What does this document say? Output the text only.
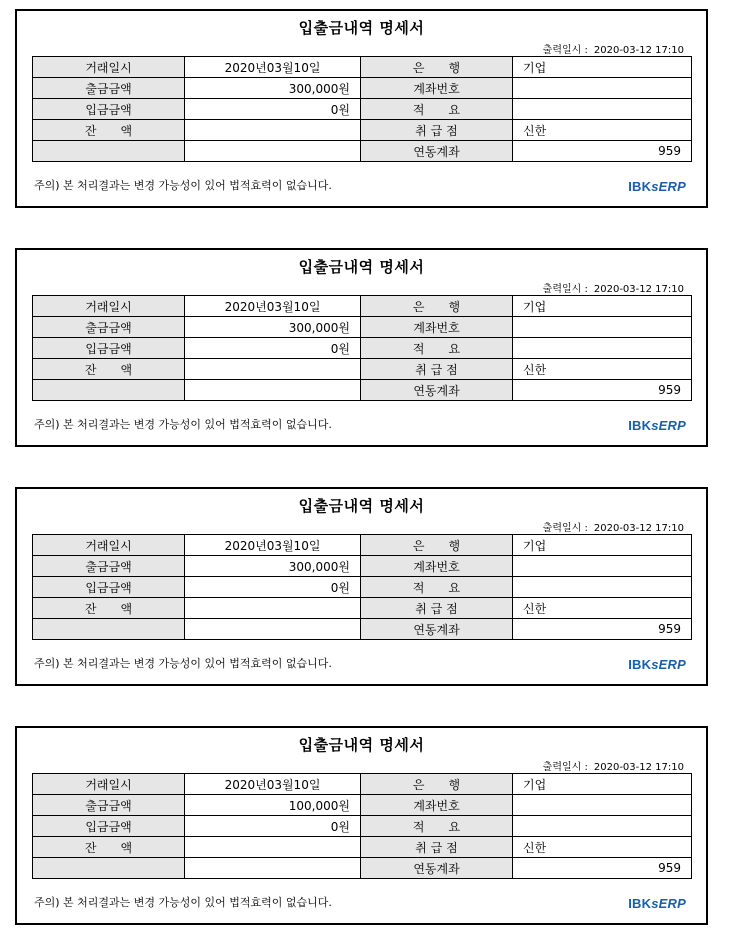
입출금내역 명세서
출력일시 : 2020-03-12 17:10
거래일시	2020년03월10일	은　　행	기업
출금금액	300,000원	계좌번호	
입금금액	0원	적　　요	
잔　　액		취 급 점	신한
		연동계좌	959
주의) 본 처리결과는 변경 가능성이 있어 법적효력이 없습니다.	IBKsERP
입출금내역 명세서
출력일시 : 2020-03-12 17:10
거래일시	2020년03월10일	은　　행	기업
출금금액	300,000원	계좌번호	
입금금액	0원	적　　요	
잔　　액		취 급 점	신한
		연동계좌	959
주의) 본 처리결과는 변경 가능성이 있어 법적효력이 없습니다.	IBKsERP
입출금내역 명세서
출력일시 : 2020-03-12 17:10
거래일시	2020년03월10일	은　　행	기업
출금금액	300,000원	계좌번호	
입금금액	0원	적　　요	
잔　　액		취 급 점	신한
		연동계좌	959
주의) 본 처리결과는 변경 가능성이 있어 법적효력이 없습니다.	IBKsERP
입출금내역 명세서
출력일시 : 2020-03-12 17:10
거래일시	2020년03월10일	은　　행	기업
출금금액	100,000원	계좌번호	
입금금액	0원	적　　요	
잔　　액		취 급 점	신한
		연동계좌	959
주의) 본 처리결과는 변경 가능성이 있어 법적효력이 없습니다.	IBKsERP
